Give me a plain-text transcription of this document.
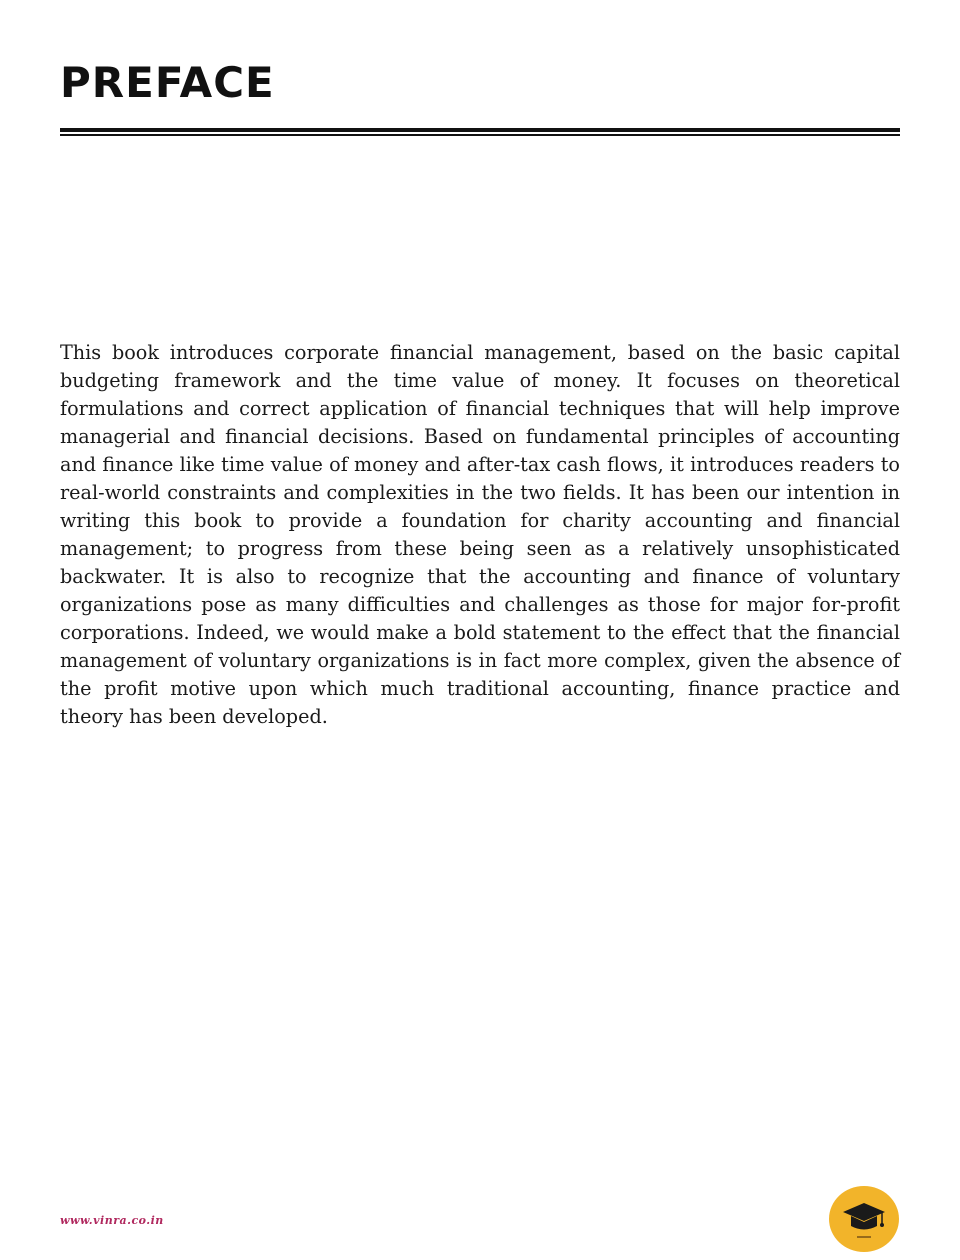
PREFACE

This book introduces corporate financial management, based on the basic capital budgeting framework and the time value of money. It focuses on theoretical formulations and correct application of financial techniques that will help improve managerial and financial decisions. Based on fundamental principles of accounting and finance like time value of money and after-tax cash flows, it introduces readers to real-world constraints and complexities in the two fields. It has been our intention in writing this book to provide a foundation for charity accounting and financial management; to progress from these being seen as a relatively unsophisticated backwater. It is also to recognize that the accounting and finance of voluntary organizations pose as many difficulties and challenges as those for major for-profit corporations. Indeed, we would make a bold statement to the effect that the financial management of voluntary organizations is in fact more complex, given the absence of the profit motive upon which much traditional accounting, finance practice and theory has been developed.

www.vinra.co.in
